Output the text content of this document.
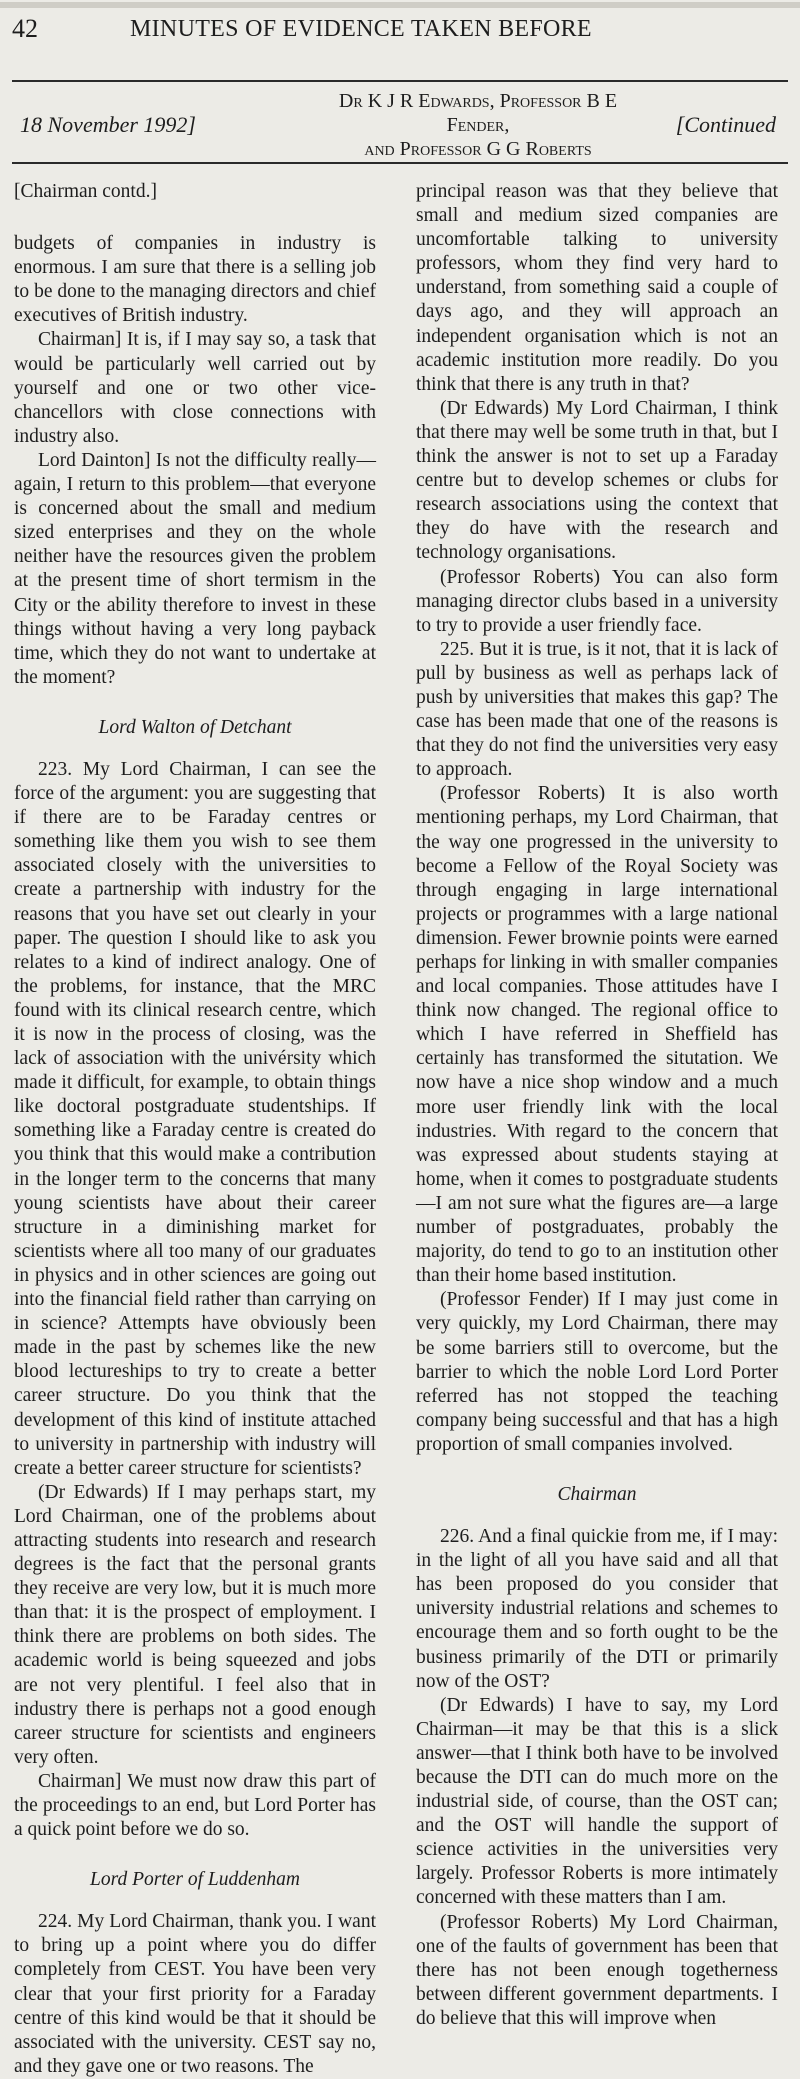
42	MINUTES OF EVIDENCE TAKEN BEFORE
18 November 1992]
Dr K J R Edwards, Professor B E Fender,
and Professor G G Roberts
[Continued

[Chairman contd.]

budgets of companies in industry is enormous. I am sure that there is a selling job to be done to the managing directors and chief executives of British industry.

Chairman] It is, if I may say so, a task that would be particularly well carried out by yourself and one or two other vice-chancellors with close connections with industry also.

Lord Dainton] Is not the difficulty really—again, I return to this problem—that everyone is concerned about the small and medium sized enterprises and they on the whole neither have the resources given the problem at the present time of short termism in the City or the ability therefore to invest in these things without having a very long payback time, which they do not want to undertake at the moment?

Lord Walton of Detchant

223. My Lord Chairman, I can see the force of the argument: you are suggesting that if there are to be Faraday centres or something like them you wish to see them associated closely with the universities to create a partnership with industry for the reasons that you have set out clearly in your paper. The question I should like to ask you relates to a kind of indirect analogy. One of the problems, for instance, that the MRC found with its clinical research centre, which it is now in the process of closing, was the lack of association with the univérsity which made it difficult, for example, to obtain things like doctoral postgraduate studentships. If something like a Faraday centre is created do you think that this would make a contribution in the longer term to the concerns that many young scientists have about their career structure in a diminishing market for scientists where all too many of our graduates in physics and in other sciences are going out into the financial field rather than carrying on in science? Attempts have obviously been made in the past by schemes like the new blood lectureships to try to create a better career structure. Do you think that the development of this kind of institute attached to university in partnership with industry will create a better career structure for scientists?

(Dr Edwards) If I may perhaps start, my Lord Chairman, one of the problems about attracting students into research and research degrees is the fact that the personal grants they receive are very low, but it is much more than that: it is the prospect of employment. I think there are problems on both sides. The academic world is being squeezed and jobs are not very plentiful. I feel also that in industry there is perhaps not a good enough career structure for scientists and engineers very often.

Chairman] We must now draw this part of the proceedings to an end, but Lord Porter has a quick point before we do so.

Lord Porter of Luddenham

224. My Lord Chairman, thank you. I want to bring up a point where you do differ completely from CEST. You have been very clear that your first priority for a Faraday centre of this kind would be that it should be associated with the university. CEST say no, and they gave one or two reasons. The

principal reason was that they believe that small and medium sized companies are uncomfortable talking to university professors, whom they find very hard to understand, from something said a couple of days ago, and they will approach an independent organisation which is not an academic institution more readily. Do you think that there is any truth in that?

(Dr Edwards) My Lord Chairman, I think that there may well be some truth in that, but I think the answer is not to set up a Faraday centre but to develop schemes or clubs for research associations using the context that they do have with the research and technology organisations.

(Professor Roberts) You can also form managing director clubs based in a university to try to provide a user friendly face.

225. But it is true, is it not, that it is lack of pull by business as well as perhaps lack of push by universities that makes this gap? The case has been made that one of the reasons is that they do not find the universities very easy to approach.

(Professor Roberts) It is also worth mentioning perhaps, my Lord Chairman, that the way one progressed in the university to become a Fellow of the Royal Society was through engaging in large international projects or programmes with a large national dimension. Fewer brownie points were earned perhaps for linking in with smaller companies and local companies. Those attitudes have I think now changed. The regional office to which I have referred in Sheffield has certainly has transformed the situtation. We now have a nice shop window and a much more user friendly link with the local industries. With regard to the concern that was expressed about students staying at home, when it comes to postgraduate students—I am not sure what the figures are—a large number of postgraduates, probably the majority, do tend to go to an institution other than their home based institution.

(Professor Fender) If I may just come in very quickly, my Lord Chairman, there may be some barriers still to overcome, but the barrier to which the noble Lord Lord Porter referred has not stopped the teaching company being successful and that has a high proportion of small companies involved.

Chairman

226. And a final quickie from me, if I may: in the light of all you have said and all that has been proposed do you consider that university industrial relations and schemes to encourage them and so forth ought to be the business primarily of the DTI or primarily now of the OST?

(Dr Edwards) I have to say, my Lord Chairman—it may be that this is a slick answer—that I think both have to be involved because the DTI can do much more on the industrial side, of course, than the OST can; and the OST will handle the support of science activities in the universities very largely. Professor Roberts is more intimately concerned with these matters than I am.

(Professor Roberts) My Lord Chairman, one of the faults of government has been that there has not been enough togetherness between different government departments. I do believe that this will improve when
